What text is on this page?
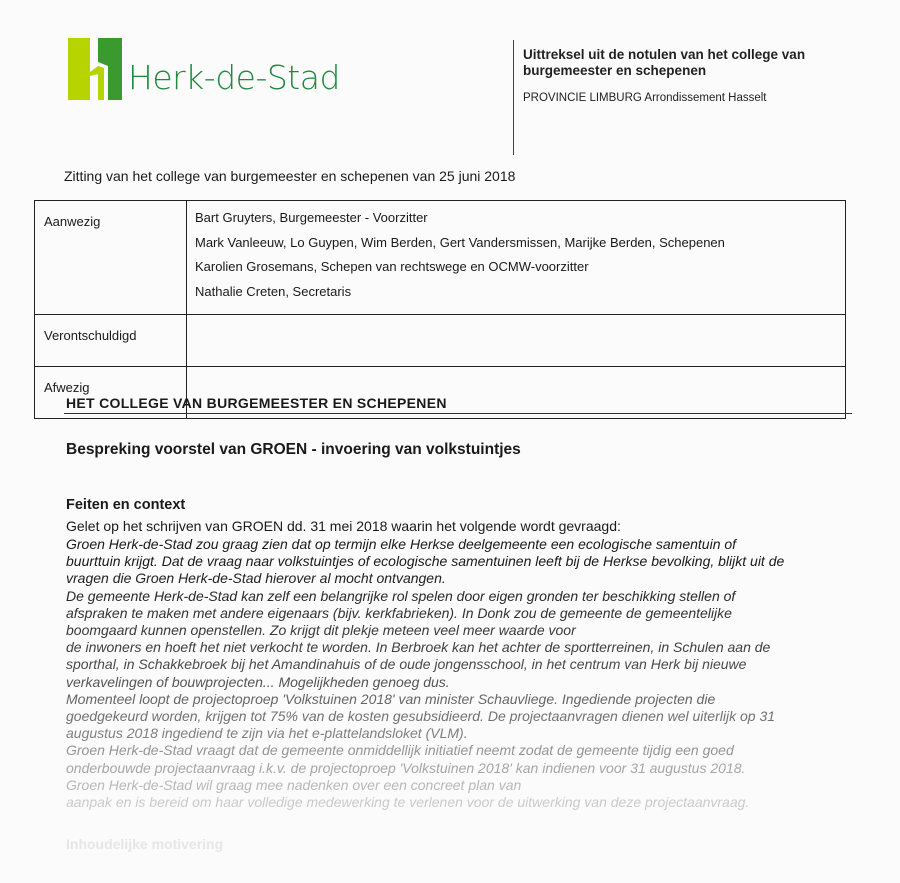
Herk-de-Stad
Uittreksel uit de notulen van het college van burgemeester en schepenen
PROVINCIE LIMBURG Arrondissement Hasselt
Zitting van het college van burgemeester en schepenen van 25 juni 2018
Aanwezig	Bart Gruyters, Burgemeester - Voorzitter
Mark Vanleeuw, Lo Guypen, Wim Berden, Gert Vandersmissen, Marijke Berden, Schepenen
Karolien Grosemans, Schepen van rechtswege en OCMW-voorzitter
Nathalie Creten, Secretaris

Verontschuldigd	
Afwezig	
HET COLLEGE VAN BURGEMEESTER EN SCHEPENEN
Bespreking voorstel van GROEN - invoering van volkstuintjes
Feiten en context
Gelet op het schrijven van GROEN dd. 31 mei 2018 waarin het volgende wordt gevraagd:
Groen Herk-de-Stad zou graag zien dat op termijn elke Herkse deelgemeente een ecologische samentuin of
buurttuin krijgt. Dat de vraag naar volkstuintjes of ecologische samentuinen leeft bij de Herkse bevolking, blijkt uit de
vragen die Groen Herk-de-Stad hierover al mocht ontvangen.
De gemeente Herk-de-Stad kan zelf een belangrijke rol spelen door eigen gronden ter beschikking stellen of
afspraken te maken met andere eigenaars (bijv. kerkfabrieken). In Donk zou de gemeente de gemeentelijke
boomgaard kunnen openstellen. Zo krijgt dit plekje meteen veel meer waarde voor
de inwoners en hoeft het niet verkocht te worden. In Berbroek kan het achter de sportterreinen, in Schulen aan de
sporthal, in Schakkebroek bij het Amandinahuis of de oude jongensschool, in het centrum van Herk bij nieuwe
verkavelingen of bouwprojecten... Mogelijkheden genoeg dus.
Momenteel loopt de projectoproep 'Volkstuinen 2018' van minister Schauvliege. Ingediende projecten die
goedgekeurd worden, krijgen tot 75% van de kosten gesubsidieerd. De projectaanvragen dienen wel uiterlijk op 31
augustus 2018 ingediend te zijn via het e-plattelandsloket (VLM).
Groen Herk-de-Stad vraagt dat de gemeente onmiddellijk initiatief neemt zodat de gemeente tijdig een goed
onderbouwde projectaanvraag i.k.v. de projectoproep 'Volkstuinen 2018' kan indienen voor 31 augustus 2018.
Groen Herk-de-Stad wil graag mee nadenken over een concreet plan van
aanpak en is bereid om haar volledige medewerking te verlenen voor de uitwerking van deze projectaanvraag.
Inhoudelijke motivering
